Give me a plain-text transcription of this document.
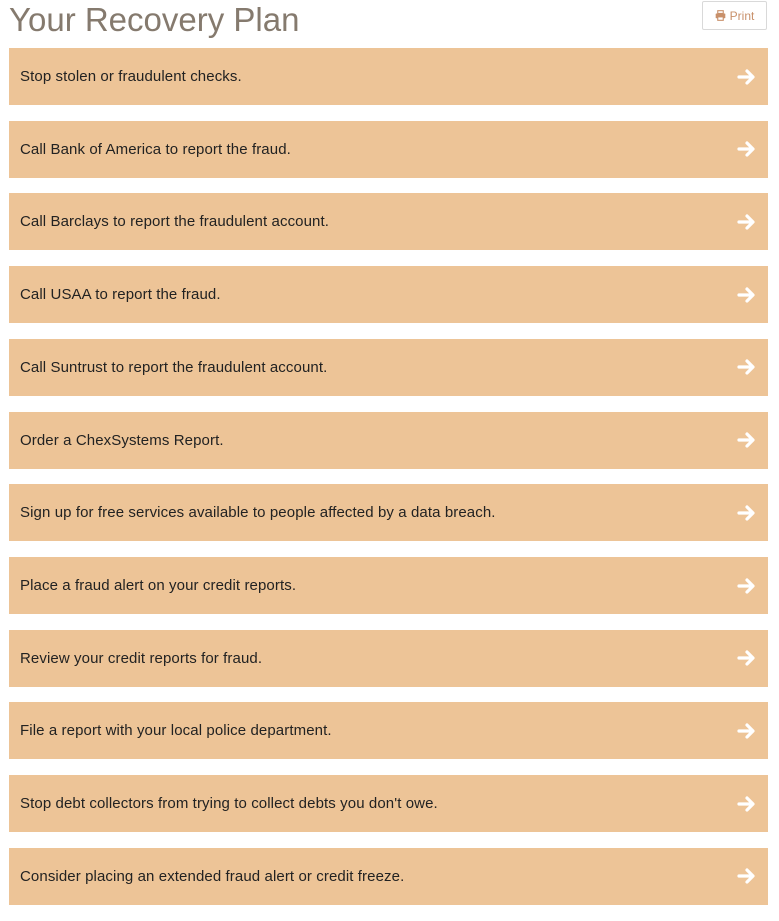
Your Recovery Plan	Print
Stop stolen or fraudulent checks.
Call Bank of America to report the fraud.
Call Barclays to report the fraudulent account.
Call USAA to report the fraud.
Call Suntrust to report the fraudulent account.
Order a ChexSystems Report.
Sign up for free services available to people affected by a data breach.
Place a fraud alert on your credit reports.
Review your credit reports for fraud.
File a report with your local police department.
Stop debt collectors from trying to collect debts you don't owe.
Consider placing an extended fraud alert or credit freeze.
